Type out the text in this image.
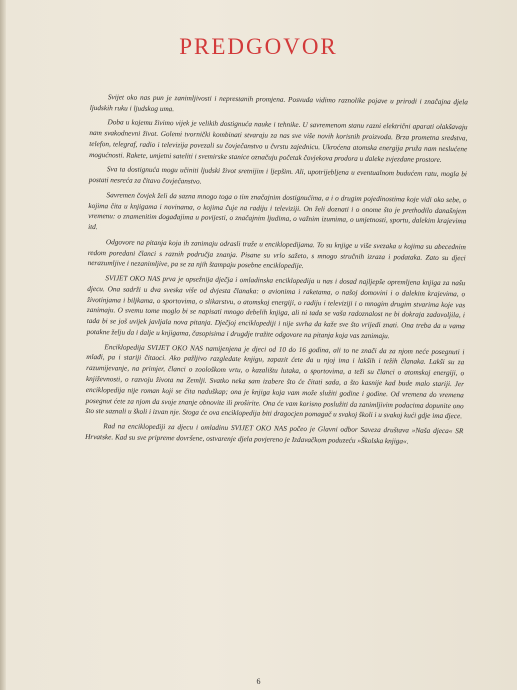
PREDGOVOR

Svijet oko nas pun je zanimljivosti i neprestanih promjena. Posvuda vidimo raznolike pojave u prirodi i značajna djela ljudskih ruku i ljudskog uma.

Doba u kojemu živimo vijek je velikih dostignuća nauke i tehnike. U savremenom stanu razni električni aparati olakšavaju nam svakodnevni život. Golemi tvornički kombinati stvaraju za nas sve više novih korisnih proizvoda. Brza prometna sredstva, telefon, telegraf, radio i televizija povezali su čovječanstvo u čvrstu zajednicu. Ukroćena atomska energija pruža nam neslućene mogućnosti. Rakete, umjetni sateliti i svemirske stanice označuju početak čovjekova prodora u daleke zvjezdane prostore.

Sva ta dostignuća mogu učiniti ljudski život sretnijim i ljepšim. Ali, upotrijebljena u eventualnom budućem ratu, mogla bi postati nesreća za čitavo čovječanstvo.

Savremen čovjek želi da sazna mnogo toga o tim značajnim dostignućima, a i o drugim pojedinostima koje vidi oko sebe, o kojima čita u knjigama i novinama, o kojima čuje na radiju i televiziji. On želi doznati i o onome što je prethodilo današnjem vremenu: o znamenitim događajima u povijesti, o značajnim ljudima, o važnim izumima, o umjetnosti, sportu, dalekim krajevima itd.

Odgovore na pitanja koja ih zanimaju odrasli traže u enciklopedijama. To su knjige u više svezaka u kojima su abecednim redom poredani članci s raznih područja znanja. Pisane su vrlo sažeto, s mnogo stručnih izraza i podataka. Zato su djeci nerazumljive i nezanimljive, pa se za njih štampaju posebne enciklopedije.

SVIJET OKO NAS prva je opsežnija dječja i omladinska enciklopedija u nas i dosad najljepše opremljena knjiga za našu djecu. Ona sadrži u dva sveska više od dvjesta članaka: o avionima i raketama, o našoj domovini i o dalekim krajevima, o životinjama i biljkama, o sportovima, o slikarstvu, o atomskoj energiji, o radiju i televiziji i o mnogim drugim stvarima koje vas zanimaju. O svemu tome moglo bi se napisati mnogo debelih knjiga, ali ni tada se vaša radoznalost ne bi dokraja zadovoljila, i tada bi se još uvijek javljala nova pitanja. Dječjoj enciklopediji i nije svrha da kaže sve što vrijedi znati. Ona treba da u vama potakne želju da i dalje u knjigama, časopisima i drugdje tražite odgovore na pitanja koja vas zanimaju.

Enciklopedija SVIJET OKO NAS namijenjena je djeci od 10 do 16 godina, ali to ne znači da za njom neće posegnuti i mlađi, pa i stariji čitaoci. Ako pažljivo razgledate knjigu, zapazit ćete da u njoj ima i lakših i težih članaka. Lakši su za razumijevanje, na primjer, članci o zoološkom vrtu, o kazalištu lutaka, o sportovima, a teži su članci o atomskoj energiji, o književnosti, o razvoju života na Zemlji. Svatko neka sam izabere što će čitati sada, a što kasnije kad bude malo stariji. Jer enciklopedija nije roman koji se čita naduškap; ona je knjiga koja vam može služiti godine i godine. Od vremena do vremena posegnut ćete za njom da svoje znanje obnovite ili proširite. Ona će vam korisno poslužiti da zanimljivim podacima dopunite ono što ste saznali u školi i izvan nje. Stoga će ova enciklopedija biti dragocjen pomagač u svakoj školi i u svakoj kući gdje ima djece.

Rad na enciklopediji za djecu i omladinu SVIJET OKO NAS počeo je Glavni odbor Saveza društava »Naša djeca« SR Hrvatske. Kad su sve pripreme dovršene, ostvarenje djela povjereno je Izdavačkom poduzeću »Školska knjiga«.

6
